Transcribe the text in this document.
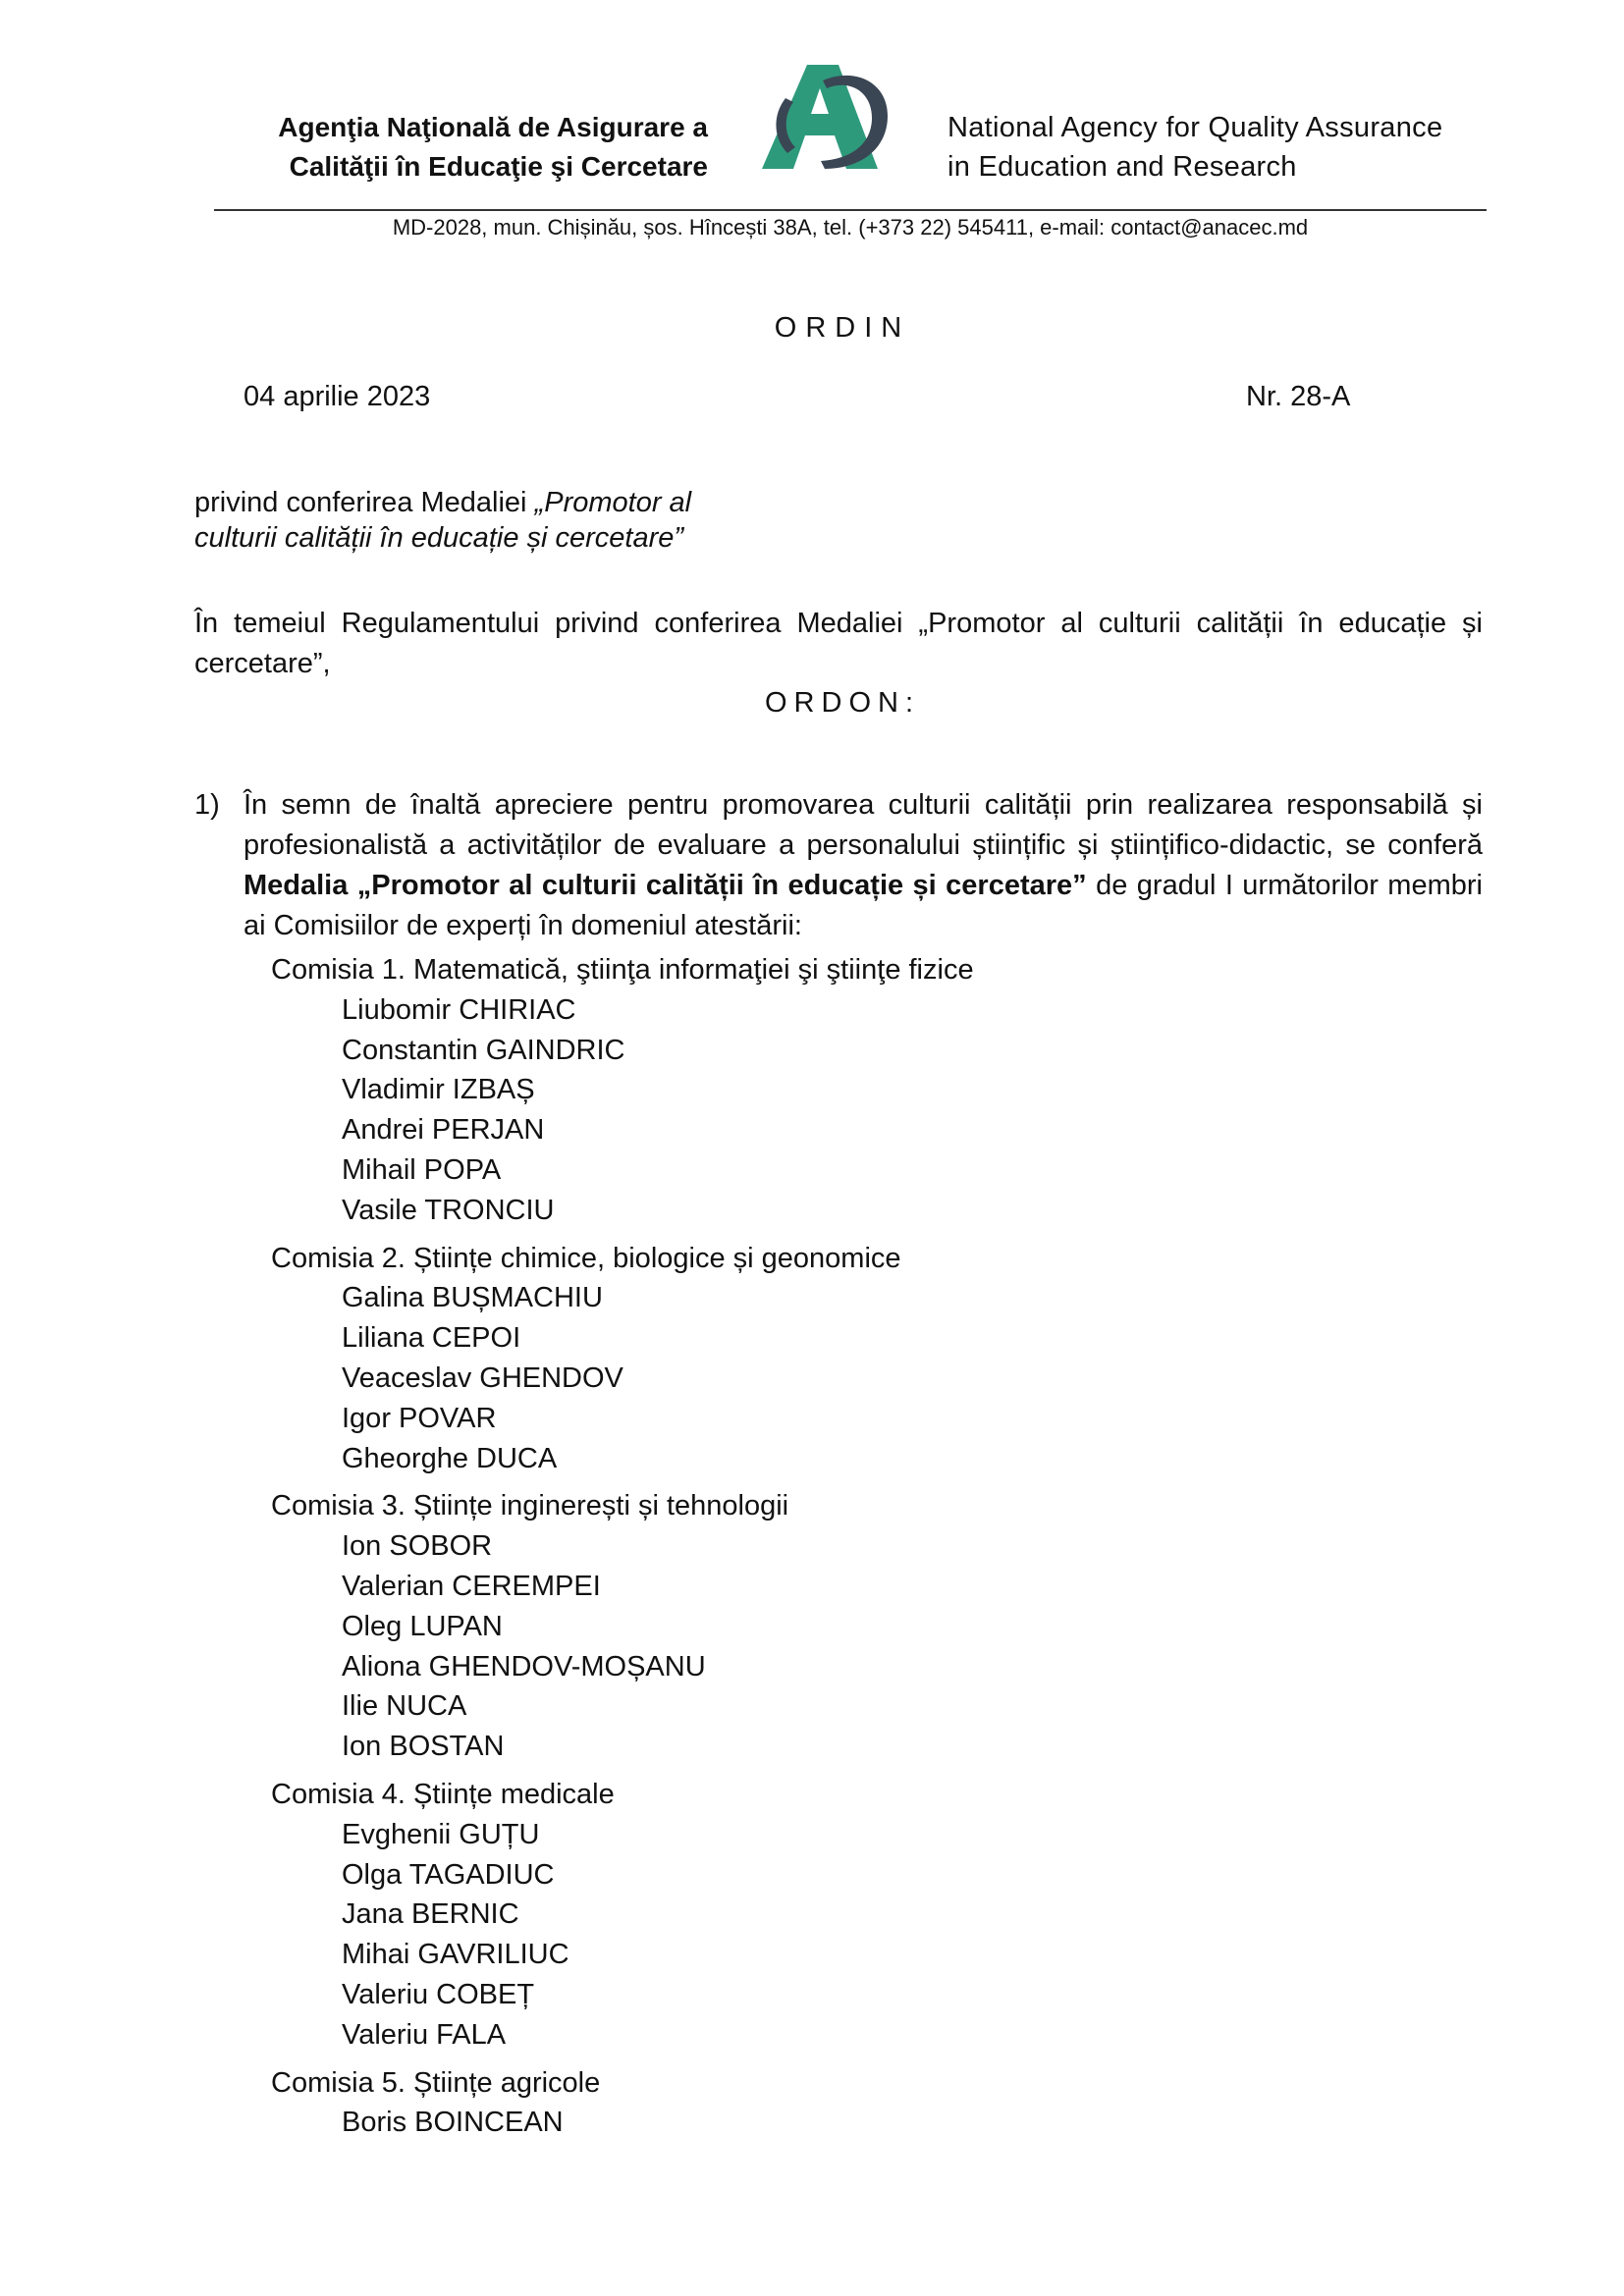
Agenţia Naţională de Asigurare a
Calităţii în Educaţie şi Cercetare
National Agency for Quality Assurance
in Education and Research
MD-2028, mun. Chișinău, șos. Hîncești 38A, tel. (+373 22) 545411, e-mail: contact@anacec.md
ORDIN
04 aprilie 2023	Nr. 28-A
privind conferirea Medaliei „Promotor al
culturii calității în educație și cercetare”
În temeiul Regulamentului privind conferirea Medaliei „Promotor al culturii calității în educație și cercetare”,
ORDON:
1) În semn de înaltă apreciere pentru promovarea culturii calității prin realizarea responsabilă și profesionalistă a activităților de evaluare a personalului științific și științifico-didactic, se conferă Medalia „Promotor al culturii calității în educație și cercetare” de gradul I următorilor membri ai Comisiilor de experți în domeniul atestării:
Comisia 1. Matematică, ştiinţa informaţiei şi ştiinţe fizice
Liubomir CHIRIAC
Constantin GAINDRIC
Vladimir IZBAȘ
Andrei PERJAN
Mihail POPA
Vasile TRONCIU
Comisia 2. Științe chimice, biologice și geonomice
Galina BUȘMACHIU
Liliana CEPOI
Veaceslav GHENDOV
Igor POVAR
Gheorghe DUCA
Comisia 3. Științe inginerești și tehnologii
Ion SOBOR
Valerian CEREMPEI
Oleg LUPAN
Aliona GHENDOV-MOȘANU
Ilie NUCA
Ion BOSTAN
Comisia 4. Științe medicale
Evghenii GUȚU
Olga TAGADIUC
Jana BERNIC
Mihai GAVRILIUC
Valeriu COBEȚ
Valeriu FALA
Comisia 5. Științe agricole
Boris BOINCEAN
